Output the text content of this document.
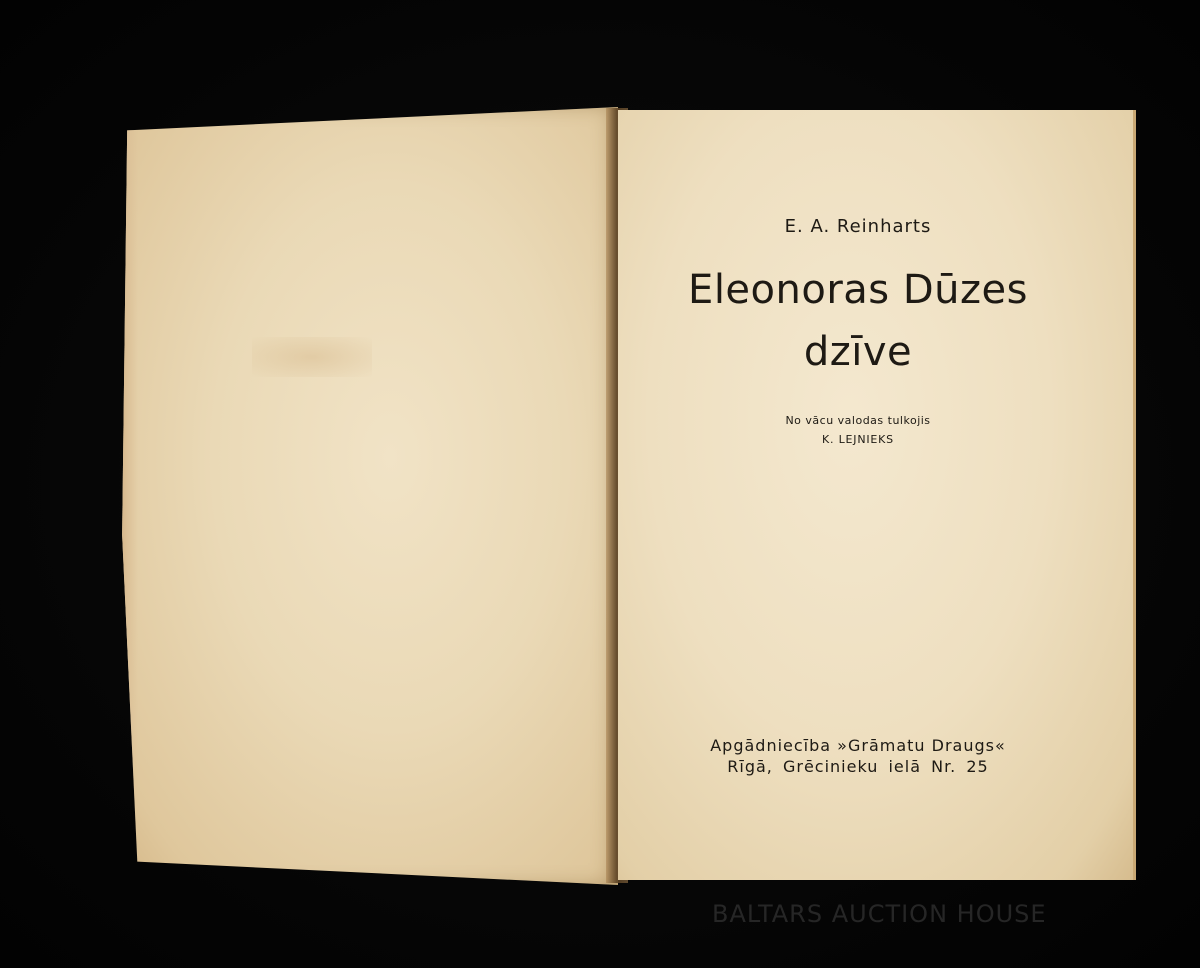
E. A. Reinharts
Eleonoras Dūzes
dzīve
No vācu valodas tulkojis
K. LEJNIEKS
Apgādniecība »Grāmatu Draugs«
Rīgā, Grēcinieku ielā Nr. 25
BALTARS AUCTION HOUSE
